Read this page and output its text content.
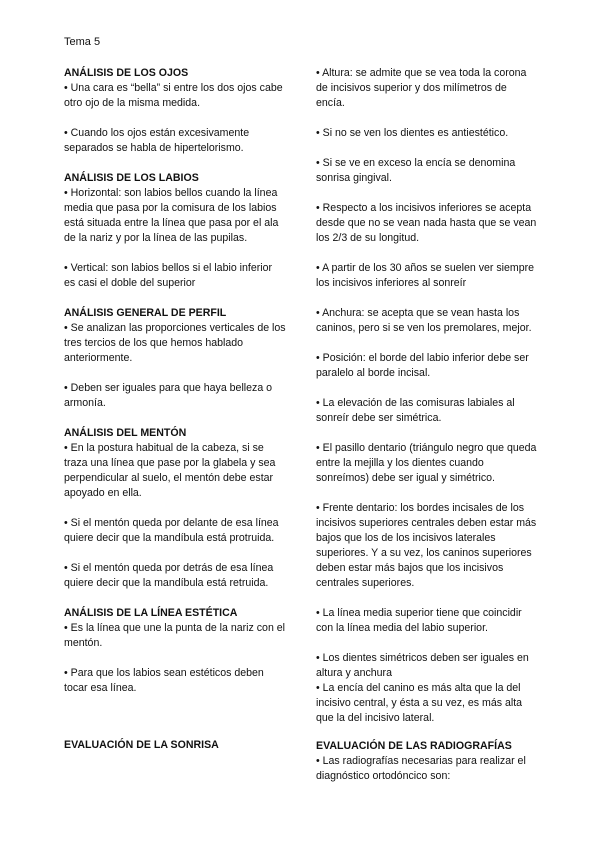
Tema 5

ANÁLISIS DE LOS OJOS

• Una cara es “bella” si entre los dos ojos cabe otro ojo de la misma medida.

• Cuando los ojos están excesivamente separados se habla de hipertelorismo.

ANÁLISIS DE LOS LABIOS

• Horizontal: son labios bellos cuando la línea media que pasa por la comisura de los labios está situada entre la línea que pasa por el ala de la nariz y por la línea de las pupilas.

• Vertical: son labios bellos si el labio inferior es casi el doble del superior

ANÁLISIS GENERAL DE PERFIL

• Se analizan las proporciones verticales de los tres tercios de los que hemos hablado anteriormente.

• Deben ser iguales para que haya belleza o armonía.

ANÁLISIS DEL MENTÓN

• En la postura habitual de la cabeza, si se traza una línea que pase por la glabela y sea perpendicular al suelo, el mentón debe estar apoyado en ella.

• Si el mentón queda por delante de esa línea quiere decir que la mandíbula está protruida.

• Si el mentón queda por detrás de esa línea quiere decir que la mandíbula está retruida.

ANÁLISIS DE LA LÍNEA ESTÉTICA

• Es la línea que une la punta de la nariz con el mentón.

• Para que los labios sean estéticos deben tocar esa línea.

EVALUACIÓN DE LA SONRISA

• Altura: se admite que se vea toda la corona de incisivos superior y dos milímetros de encía.

• Si no se ven los dientes es antiestético.

• Si se ve en exceso la encía se denomina sonrisa gingival.

• Respecto a los incisivos inferiores se acepta desde que no se vean nada hasta que se vean los 2/3 de su longitud.

• A partir de los 30 años se suelen ver siempre los incisivos inferiores al sonreír

• Anchura: se acepta que se vean hasta los caninos, pero si se ven los premolares, mejor.

• Posición: el borde del labio inferior debe ser paralelo al borde incisal.

• La elevación de las comisuras labiales al sonreír debe ser simétrica.

• El pasillo dentario (triángulo negro que queda entre la mejilla y los dientes cuando sonreímos) debe ser igual y simétrico.

• Frente dentario: los bordes incisales de los incisivos superiores centrales deben estar más bajos que los de los incisivos laterales superiores. Y a su vez, los caninos superiores deben estar más bajos que los incisivos centrales superiores.

• La línea media superior tiene que coincidir con la línea media del labio superior.

• Los dientes simétricos deben ser iguales en altura y anchura

• La encía del canino es más alta que la del incisivo central, y ésta a su vez, es más alta que la del incisivo lateral.

EVALUACIÓN DE LAS RADIOGRAFÍAS

• Las radiografías necesarias para realizar el diagnóstico ortodóncico son:
